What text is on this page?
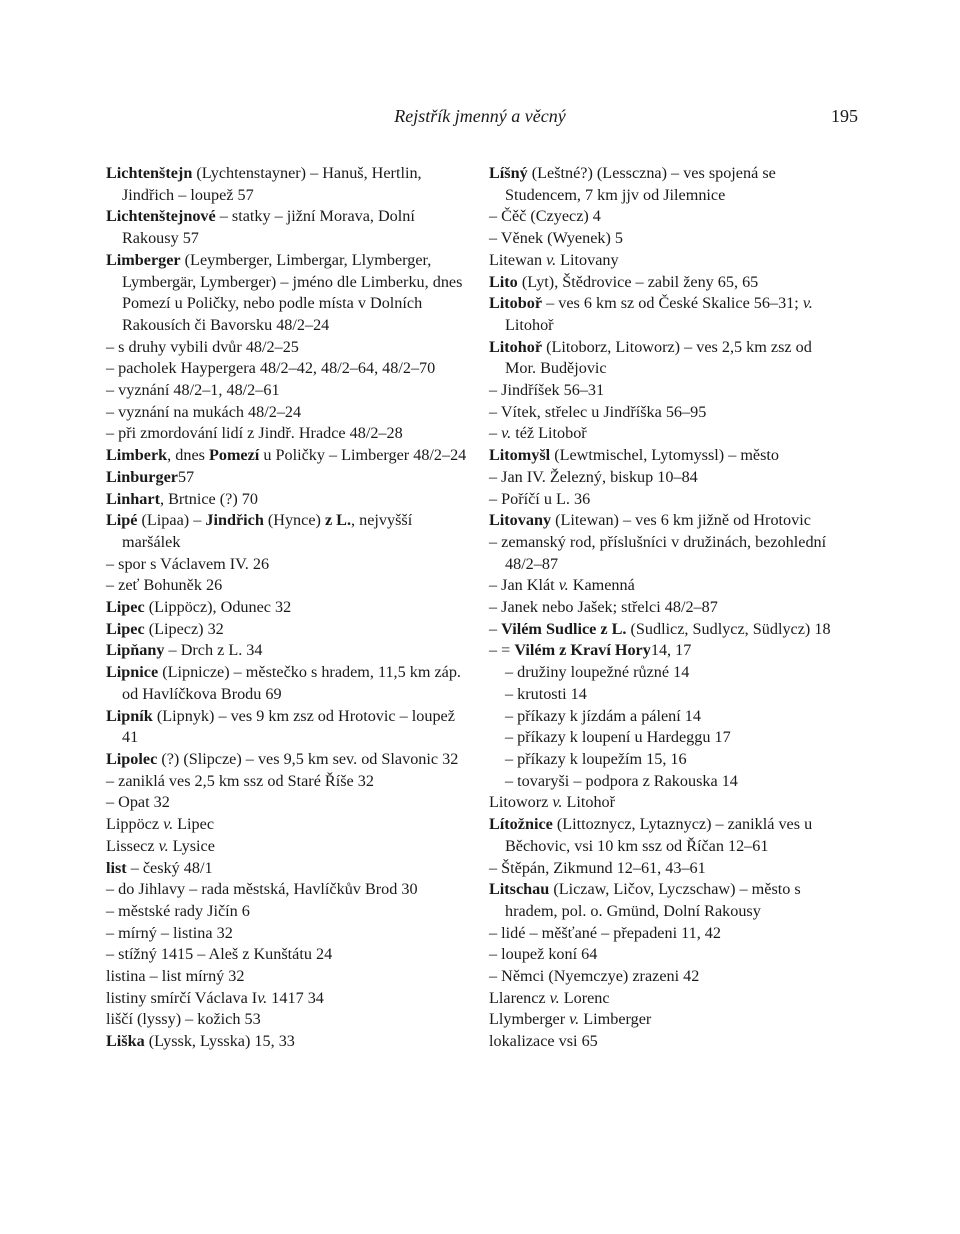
Rejstřík jmenný a věcný	195
Lichtenštejn (Lychtenstayner) – Hanuš, Hertlin, Jindřich – loupež 57
Lichtenštejnové – statky – jižní Morava, Dolní Rakousy 57
Limberger (Leymberger, Limbergar, Llymberger, Lymbergär, Lymberger) – jméno dle Limberku, dnes Pomezí u Poličky, nebo podle místa v Dolních Rakousích či Bavorsku 48/2–24
– s druhy vybili dvůr 48/2–25
– pacholek Haypergera 48/2–42, 48/2–64, 48/2–70
– vyznání 48/2–1, 48/2–61
– vyznání na mukách 48/2–24
– při zmordování lidí z Jindř. Hradce 48/2–28
Limberk, dnes Pomezí u Poličky – Limberger 48/2–24
Linburger57
Linhart, Brtnice (?) 70
Lipé (Lipaa) – Jindřich (Hynce) z L., nejvyšší maršálek
– spor s Václavem IV. 26
– zeť Bohuněk 26
Lipec (Lippöcz), Odunec 32
Lipec (Lipecz) 32
Lipňany – Drch z L. 34
Lipnice (Lipnicze) – městečko s hradem, 11,5 km záp. od Havlíčkova Brodu 69
Lipník (Lipnyk) – ves 9 km zsz od Hrotovic – loupež 41
Lipolec (?) (Slipcze) – ves 9,5 km sev. od Slavonic 32
– zaniklá ves 2,5 km ssz od Staré Říše 32
– Opat 32
Lippöcz v. Lipec
Lissecz v. Lysice
list – český 48/1
– do Jihlavy – rada městská, Havlíčkův Brod 30
– městské rady Jičín 6
– mírný – listina 32
– stížný 1415 – Aleš z Kunštátu 24
listina – list mírný 32
listiny smírčí Václava Iv. 1417 34
liščí (lyssy) – kožich 53
Liška (Lyssk, Lysska) 15, 33
Líšný (Leštné?) (Lessczna) – ves spojená se Studencem, 7 km jjv od Jilemnice
– Čěč (Czyecz) 4
– Věnek (Wyenek) 5
Litewan v. Litovany
Lito (Lyt), Štědrovice – zabil ženy 65, 65
Litobоř – ves 6 km sz od České Skalice 56–31; v. Litohoř
Litohoř (Litoborz, Litoworz) – ves 2,5 km zsz od Mor. Budějovic
– Jindříšek 56–31
– Vítek, střelec u Jindříška 56–95
– v. též Litobоř
Litomyšl (Lewtmischel, Lytomyssl) – město
– Jan IV. Železný, biskup 10–84
– Poříčí u L. 36
Litovany (Litewan) – ves 6 km jižně od Hrotovic
– zemanský rod, příslušníci v družinách, bezohlední 48/2–87
– Jan Klát v. Kamenná
– Janek nebo Jašek; střelci 48/2–87
– Vilém Sudlice z L. (Sudlicz, Sudlycz, Südlycz) 18
– = Vilém z Kraví Hory14, 17
– družiny loupežné různé 14
– krutosti 14
– příkazy k jízdám a pálení 14
– příkazy k loupení u Hardeggu 17
– příkazy k loupežím 15, 16
– tovaryši – podpora z Rakouska 14
Litoworz v. Litohoř
Lítožnice (Littoznycz, Lytaznycz) – zaniklá ves u Běchovic, vsi 10 km ssz od Říčan 12–61
– Štěpán, Zikmund 12–61, 43–61
Litschau (Liczaw, Ličov, Lyczschaw) – město s hradem, pol. o. Gmünd, Dolní Rakousy
– lidé – měšťané – přepadeni 11, 42
– loupež koní 64
– Němci (Nyemczye) zrazeni 42
Llarencz v. Lorenc
Llymberger v. Limberger
lokalizace vsi 65
